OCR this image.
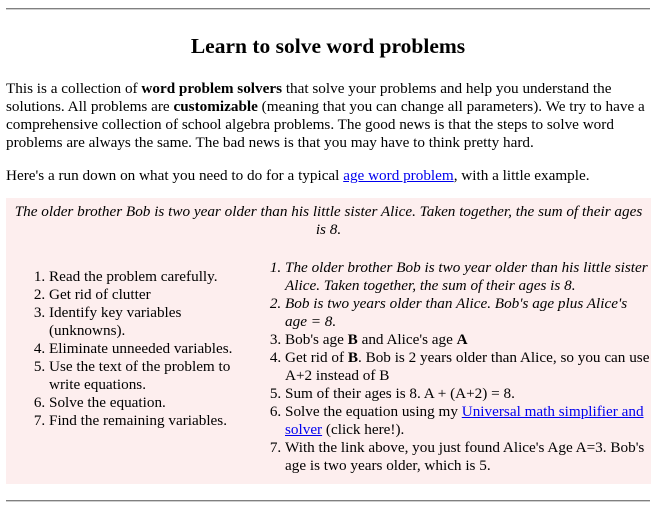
Learn to solve word problems

This is a collection of word problem solvers that solve your problems and help you understand the solutions. All problems are customizable (meaning that you can change all parameters). We try to have a comprehensive collection of school algebra problems. The good news is that the steps to solve word problems are always the same. The bad news is that you may have to think pretty hard.

Here's a run down on what you need to do for a typical age word problem, with a little example.

The older brother Bob is two year older than his little sister Alice. Taken together, the sum of their ages is 8.
1. Read the problem carefully.
2. Get rid of clutter
3. Identify key variables (unknowns).
4. Eliminate unneeded variables.
5. Use the text of the problem to write equations.
6. Solve the equation.
7. Find the remaining variables.
1. The older brother Bob is two year older than his little sister Alice. Taken together, the sum of their ages is 8.
2. Bob is two years older than Alice. Bob's age plus Alice's age = 8.
3. Bob's age B and Alice's age A
4. Get rid of B. Bob is 2 years older than Alice, so you can use A+2 instead of B
5. Sum of their ages is 8. A + (A+2) = 8.
6. Solve the equation using my Universal math simplifier and solver (click here!).
7. With the link above, you just found Alice's Age A=3. Bob's age is two years older, which is 5.
